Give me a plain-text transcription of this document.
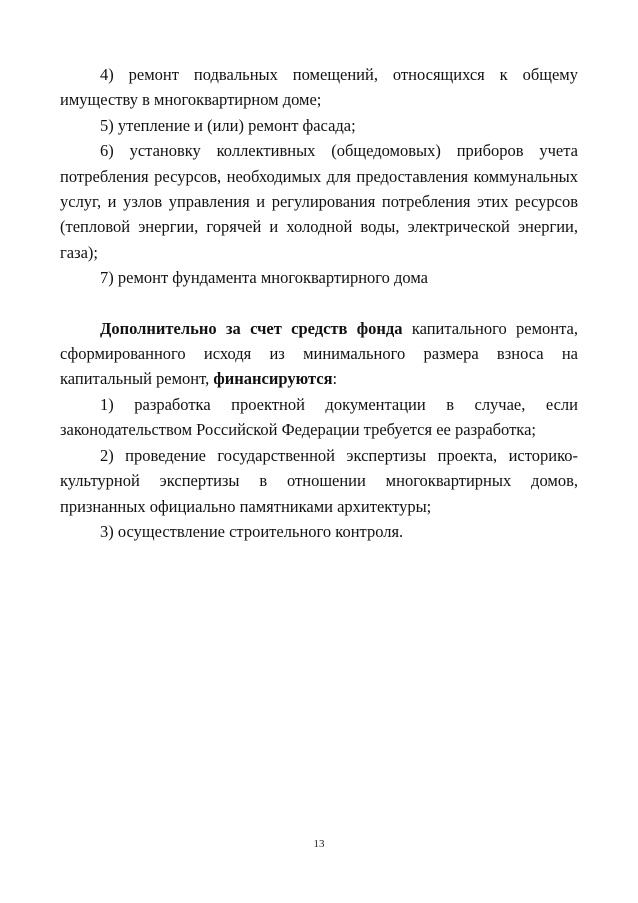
4) ремонт подвальных помещений, относящихся к общему имуществу в многоквартирном доме;

5) утепление и (или) ремонт фасада;

6) установку коллективных (общедомовых) приборов учета потребления ресурсов, необходимых для предоставления коммунальных услуг, и узлов управления и регулирования потребления этих ресурсов (тепловой энергии, горячей и холодной воды, электрической энергии, газа);

7) ремонт фундамента многоквартирного дома

Дополнительно за счет средств фонда капитального ремонта, сформированного исходя из минимального размера взноса на капитальный ремонт, финансируются:

1) разработка проектной документации в случае, если законодательством Российской Федерации требуется ее разработка;

2) проведение государственной экспертизы проекта, историко-культурной экспертизы в отношении многоквартирных домов, признанных официально памятниками архитектуры;

3) осуществление строительного контроля.

13
